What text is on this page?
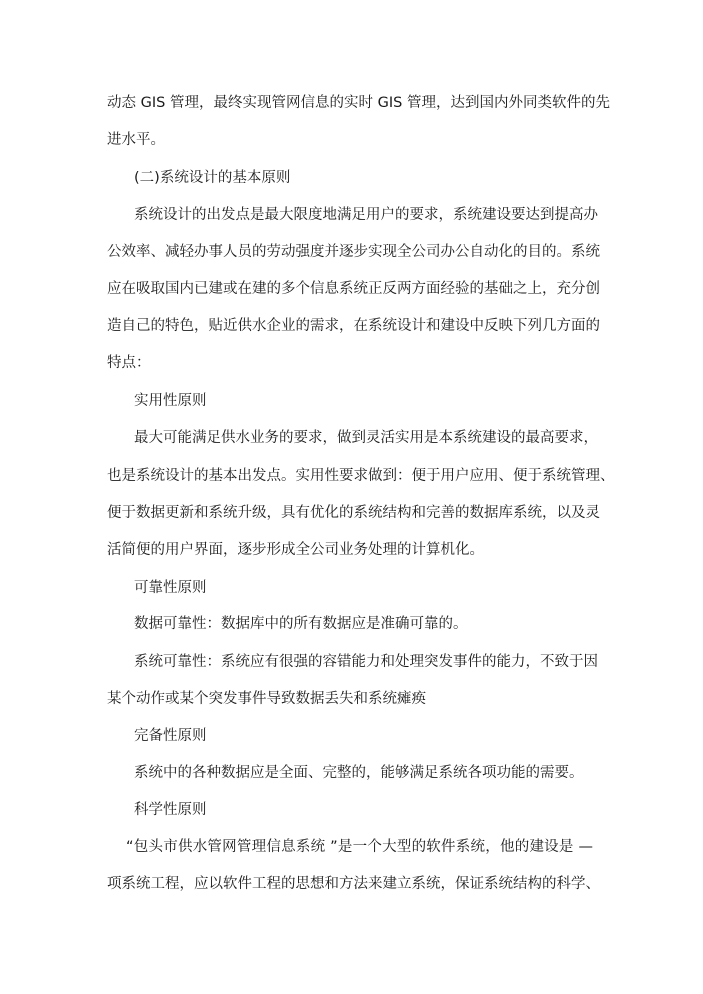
动 态
G I S
管 理 ， 最 终 实 现 管 网 信 息 的 实 时
G I S
管 理 ， 达 到 国 内 外 同 类 软 件 的 先
进水平。
(二)系统设计的基本原则
系 统 设 计 的 出 发 点 是 最 大 限 度 地 满 足 用 户 的 要 求 ， 系 统 建 设 要 达 到 提 高 办
公 效 率 、 减 轻 办 事 人 员 的 劳 动 强 度 并 逐 步 实 现 全 公 司 办 公 自 动 化 的 目 的 。 系 统
应 在 吸 取 国 内 已 建 或 在 建 的 多 个 信 息 系 统 正 反 两 方 面 经 验 的 基 础 之 上 ， 充 分 创
造 自 己 的 特 色 ， 贴 近 供 水 企 业 的 需 求 ， 在 系 统 设 计 和 建 设 中 反 映 下 列 几 方 面 的
特点：
实用性原则
最 大 可 能 满 足 供 水 业 务 的 要 求 ， 做 到 灵 活 实 用 是 本 系 统 建 设 的 最 高 要 求 ，
也 是 系 统 设 计 的 基 本 出 发 点 。 实 用 性 要 求 做 到 ： 便 于 用 户 应 用 、 便 于 系 统 管 理 、
便 于 数 据 更 新 和 系 统 升 级 ， 具 有 优 化 的 系 统 结 构 和 完 善 的 数 据 库 系 统 ， 以 及 灵
活简便的用户界面，逐步形成全公司业务处理的计算机化。
可靠性原则
数据可靠性：数据库中的所有数据应是准确可靠的。
系 统 可 靠 性 ： 系 统 应 有 很 强 的 容 错 能 力 和 处 理 突 发 事 件 的 能 力 ， 不 致 于 因
某个动作或某个突发事件导致数据丢失和系统瘫痪
完备性原则
系统中的各种数据应是全面、完整的，能够满足系统各项功能的需要。
科学性原则
“ 包 头 市 供 水 管 网 管 理 信 息 系 统
” 是 一 个 大 型 的 软 件 系 统 ， 他 的 建 设 是
—
项 系 统 工 程 ， 应 以 软 件 工 程 的 思 想 和 方 法 来 建 立 系 统 ， 保 证 系 统 结 构 的 科 学 、
